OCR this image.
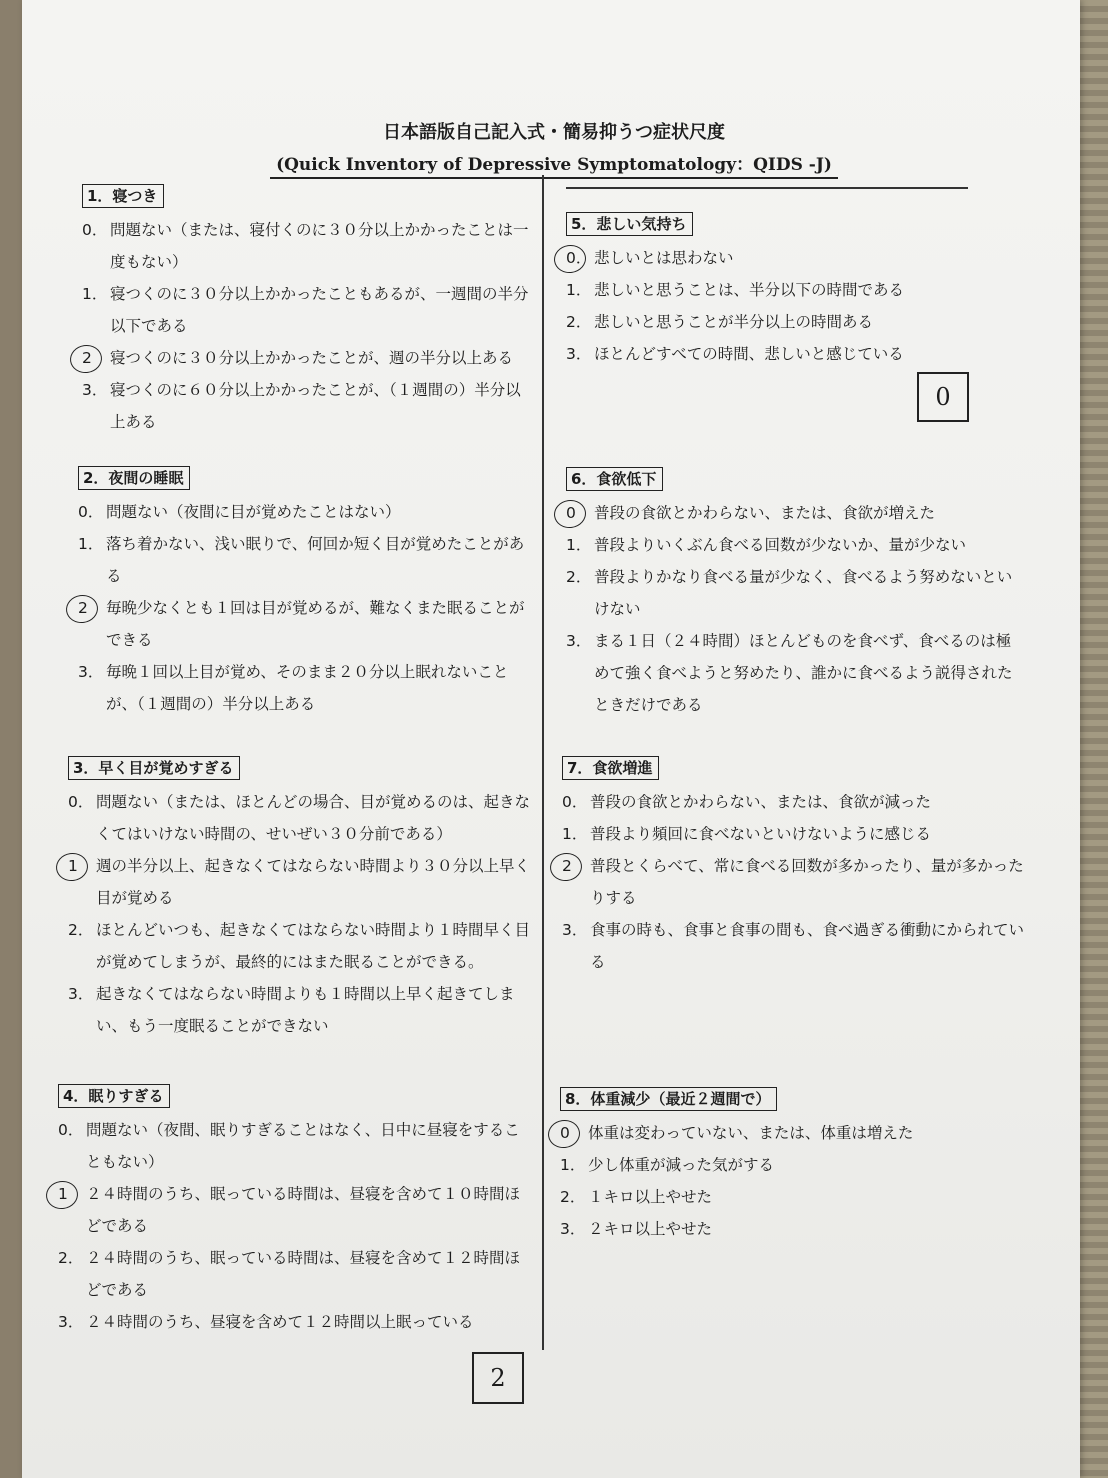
日本語版自己記入式・簡易抑うつ症状尺度
(Quick Inventory of Depressive Symptomatology：QIDS -J)
1．寝つき
0． 問題ない（または、寝付くのに３０分以上かかったことは一度もない）
1． 寝つくのに３０分以上かかったこともあるが、一週間の半分以下である
2	寝つくのに３０分以上かかったことが、週の半分以上ある
3． 寝つくのに６０分以上かかったことが、（１週間の）半分以上ある
2．夜間の睡眠
0． 問題ない（夜間に目が覚めたことはない）
1． 落ち着かない、浅い眠りで、何回か短く目が覚めたことがある
2	毎晩少なくとも１回は目が覚めるが、難なくまた眠ることができる
3． 毎晩１回以上目が覚め、そのまま２０分以上眠れないことが、（１週間の）半分以上ある
3．早く目が覚めすぎる
0． 問題ない（または、ほとんどの場合、目が覚めるのは、起きなくてはいけない時間の、せいぜい３０分前である）
1	週の半分以上、起きなくてはならない時間より３０分以上早く目が覚める
2． ほとんどいつも、起きなくてはならない時間より１時間早く目が覚めてしまうが、最終的にはまた眠ることができる。
3． 起きなくてはならない時間よりも１時間以上早く起きてしまい、もう一度眠ることができない
4．眠りすぎる
0． 問題ない（夜間、眠りすぎることはなく、日中に昼寝をすることもない）
1	２４時間のうち、眠っている時間は、昼寝を含めて１０時間ほどである
2． ２４時間のうち、眠っている時間は、昼寝を含めて１２時間ほどである
3． ２４時間のうち、昼寝を含めて１２時間以上眠っている
5．悲しい気持ち
0． 悲しいとは思わない
1． 悲しいと思うことは、半分以下の時間である
2． 悲しいと思うことが半分以上の時間ある
3． ほとんどすべての時間、悲しいと感じている
0
6．食欲低下
0	普段の食欲とかわらない、または、食欲が増えた
1． 普段よりいくぶん食べる回数が少ないか、量が少ない
2． 普段よりかなり食べる量が少なく、食べるよう努めないといけない
3． まる１日（２４時間）ほとんどものを食べず、食べるのは極めて強く食べようと努めたり、誰かに食べるよう説得されたときだけである
7．食欲増進
0． 普段の食欲とかわらない、または、食欲が減った
1． 普段より頻回に食べないといけないように感じる
2	普段とくらべて、常に食べる回数が多かったり、量が多かったりする
3． 食事の時も、食事と食事の間も、食べ過ぎる衝動にかられている
8．体重減少（最近２週間で）
0	体重は変わっていない、または、体重は増えた
1． 少し体重が減った気がする
2． １キロ以上やせた
3． ２キロ以上やせた
2
